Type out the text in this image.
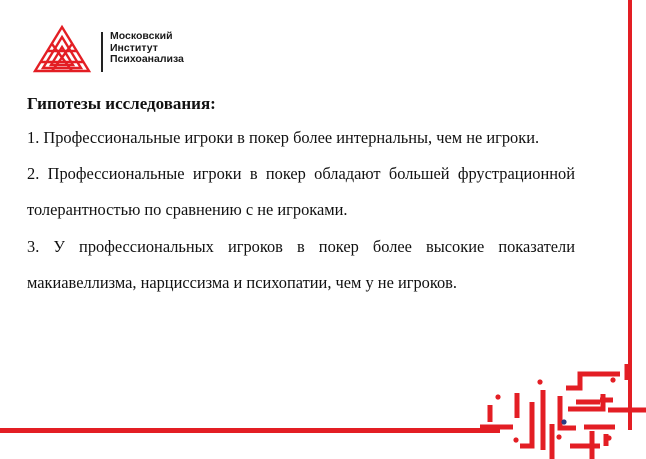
Московский
Институт
Психоанализа
Гипотезы исследования:

1. Профессиональные игроки в покер более интернальны, чем не игроки.

2. Профессиональные игроки в покер обладают большей фрустрационной толерантностью по сравнению с не игроками.

3. У профессиональных игроков в покер более высокие показатели макиавеллизма, нарциссизма и психопатии, чем у не игроков.
